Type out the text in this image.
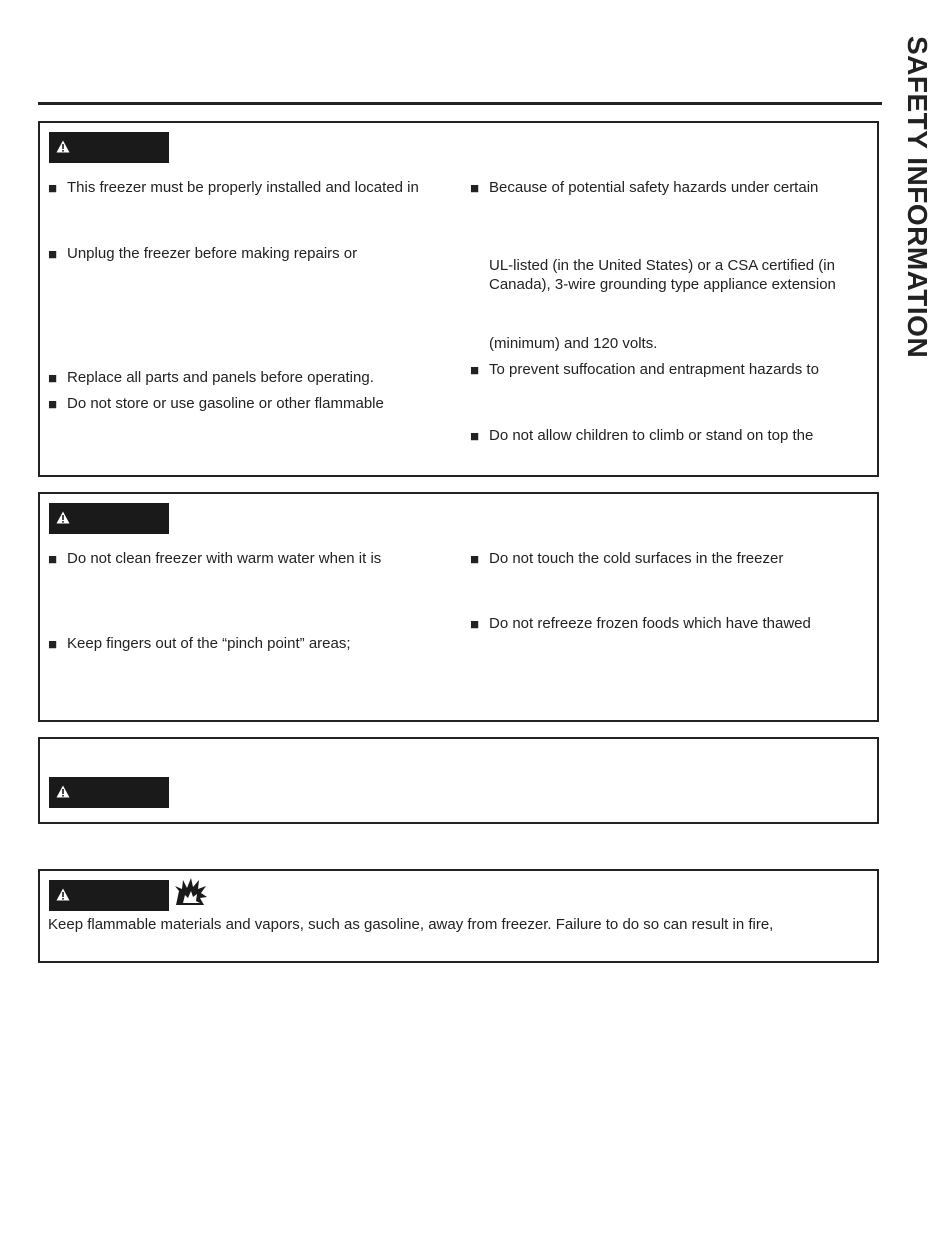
SAFETY INFORMATION
■ This freezer must be properly installed and located in
■ Unplug the freezer before making repairs or
■ Replace all parts and panels before operating.
■ Do not store or use gasoline or other flammable
■ Because of potential safety hazards under certain
UL-listed (in the United States) or a CSA certified (in
Canada), 3-wire grounding type appliance extension
(minimum) and 120 volts.
■ To prevent suffocation and entrapment hazards to
■ Do not allow children to climb or stand on top the
■ Do not clean freezer with warm water when it is
■ Keep fingers out of the “pinch point” areas;
■ Do not touch the cold surfaces in the freezer
■ Do not refreeze frozen foods which have thawed
Keep flammable materials and vapors, such as gasoline, away from freezer. Failure to do so can result in fire,
